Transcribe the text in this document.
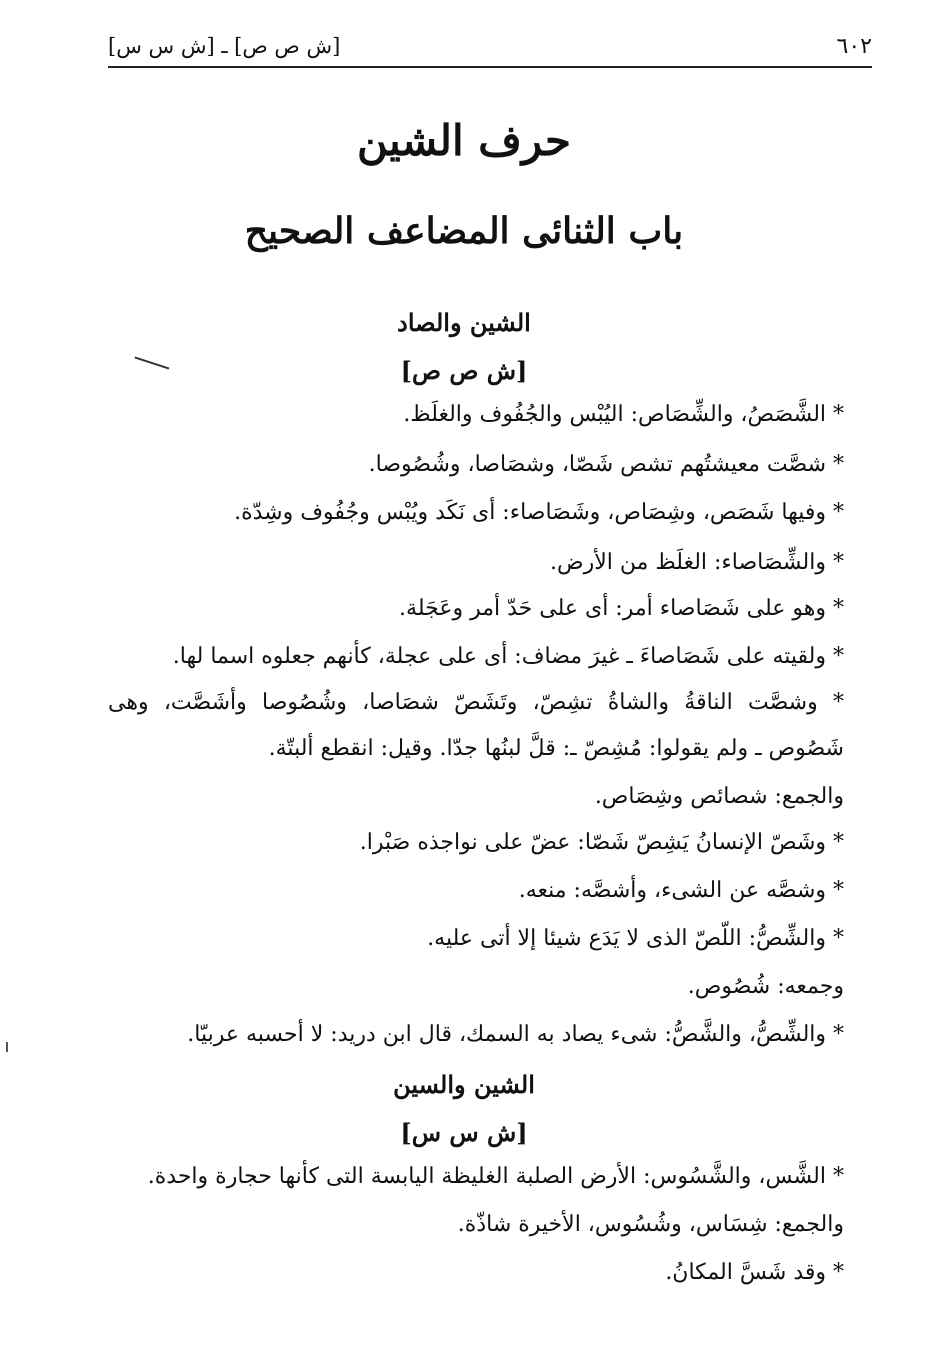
٦٠٢
[ش ص ص] ـ [ش س س]
حرف الشين
باب الثنائى المضاعف الصحيح
الشين والصاد
[ش ص ص]
* الشَّصَصُ، والشِّصَاص: اليُبْس والجُفُوف والغلَظ.
* شصَّت معيشتُهم تشص شَصّا، وشصَاصا، وشُصُوصا.
* وفيها شَصَص، وشِصَاص، وشَصَاصاء: أى نَكَد ويُبْس وجُفُوف وشِدّة.
* والشِّصَاصاء: الغلَظ من الأرض.
* وهو على شَصَاصاء أمر: أى على حَدّ أمر وعَجَلة.
* ولقيته على شَصَاصاءَ ـ غيرَ مضاف: أى على عجلة، كأنهم جعلوه اسما لها.
* وشصَّت الناقةُ والشاةُ تشِصّ، وتَشَصّ شصَاصا، وشُصُوصا وأشَصَّت، وهى
شَصُوص ـ ولم يقولوا: مُشِصّ ـ: قلَّ لبنُها جدّا. وقيل: انقطع ألبتّة.
والجمع: شصائص وشِصَاص.
* وشَصّ الإنسانُ يَشِصّ شَصّا: عضّ على نواجذه صَبْرا.
* وشصَّه عن الشىء، وأشصَّه: منعه.
* والشِّصُّ: اللّصّ الذى لا يَدَع شيئا إلا أتى عليه.
وجمعه: شُصُوص.
* والشِّصُّ، والشَّصُّ: شىء يصاد به السمك، قال ابن دريد: لا أحسبه عربيّا.
الشين والسين
[ش س س]
* الشَّس، والشَّسُوس: الأرض الصلبة الغليظة اليابسة التى كأنها حجارة واحدة.
والجمع: شِسَاس، وشُسُوس، الأخيرة شاذّة.
* وقد شَسَّ المكانُ.
